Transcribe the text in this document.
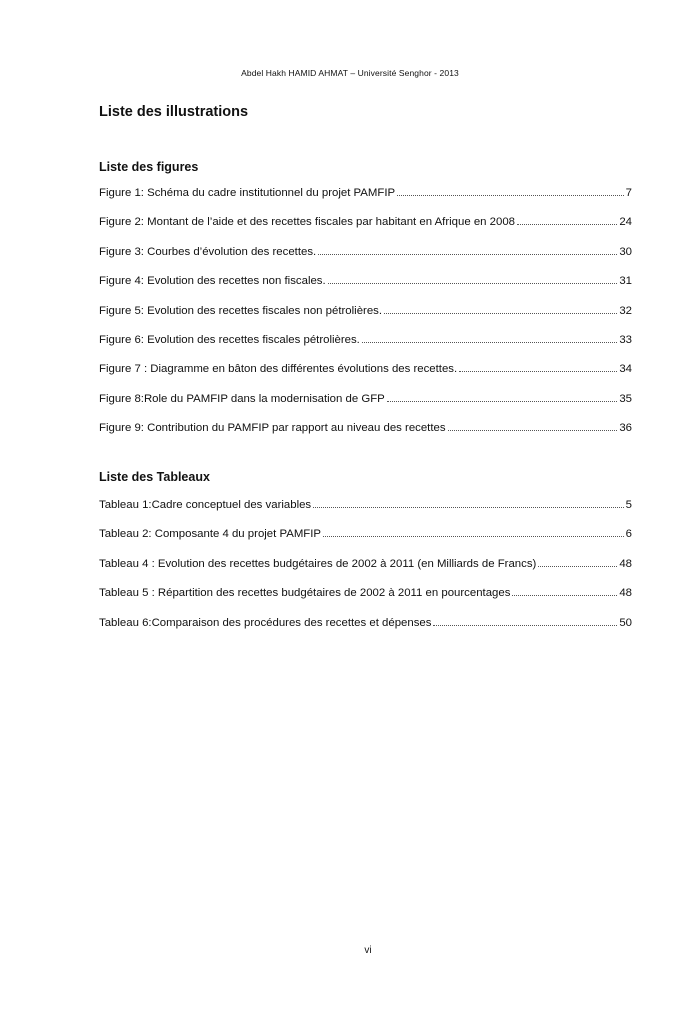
Abdel Hakh HAMID AHMAT – Université Senghor - 2013
Liste des illustrations
Liste des figures
Figure 1: Schéma du cadre institutionnel du projet PAMFIP	7
Figure 2: Montant de l’aide et des recettes fiscales par habitant en Afrique en 2008	24
Figure 3: Courbes d’évolution des recettes.	30
Figure 4: Evolution des recettes non fiscales.	31
Figure 5: Evolution des recettes fiscales non pétrolières.	32
Figure 6: Evolution des recettes fiscales pétrolières.	33
Figure 7 : Diagramme en bâton des différentes évolutions des recettes.	34
Figure 8:Role du PAMFIP dans la modernisation de GFP	35
Figure 9: Contribution du PAMFIP par rapport au niveau des recettes	36
Liste des Tableaux
Tableau 1:Cadre conceptuel des variables	5
Tableau 2: Composante 4 du projet PAMFIP	6
Tableau 4 : Evolution des recettes budgétaires de 2002 à 2011 (en Milliards de Francs)	48
Tableau 5 : Répartition des recettes budgétaires de 2002 à 2011 en pourcentages	48
Tableau 6:Comparaison des procédures des recettes et dépenses	50
vi
